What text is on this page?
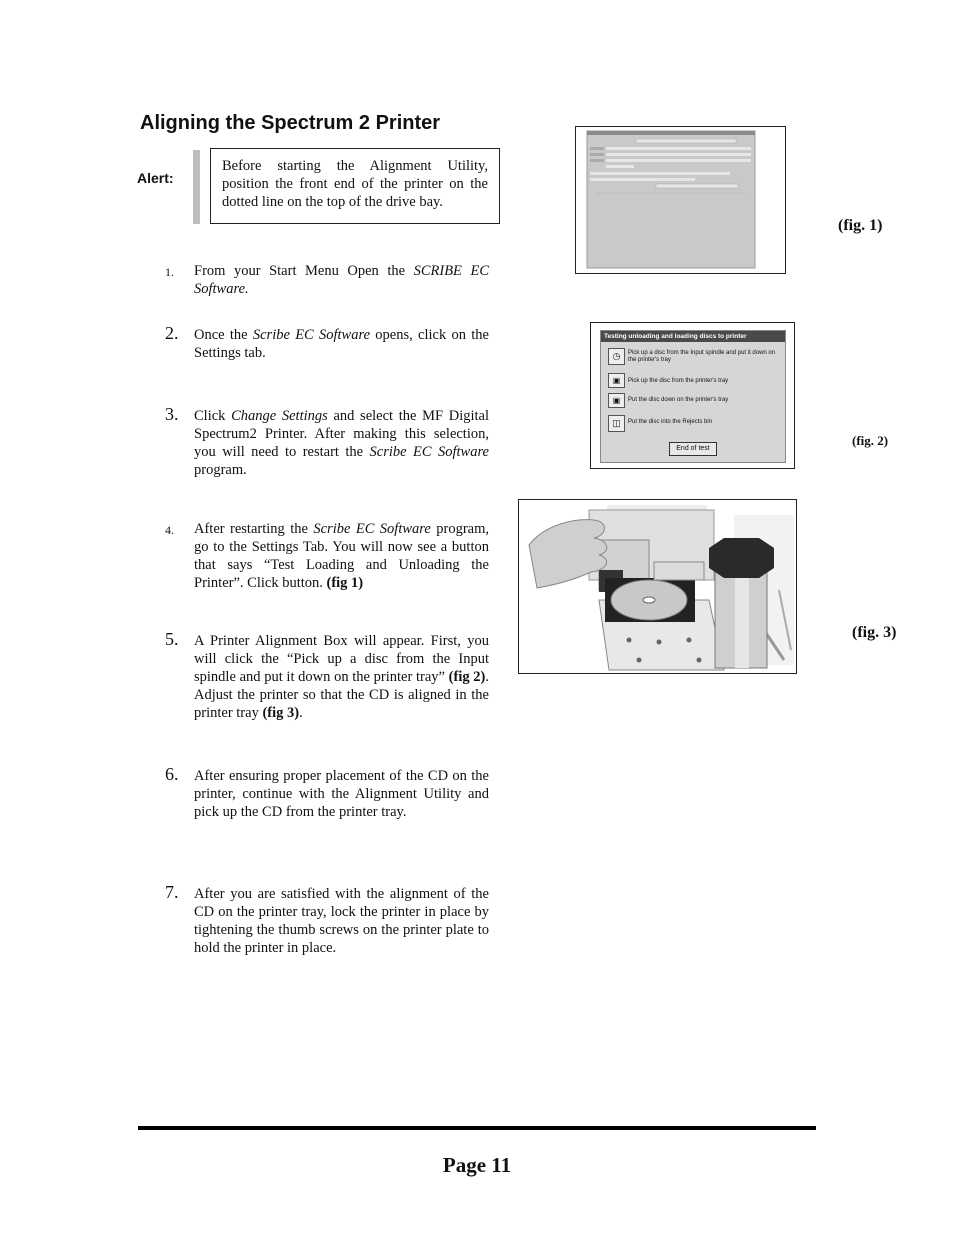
Aligning the Spectrum 2 Printer
Alert:
Before starting the Alignment Utility, position the front end of the printer on the dotted line on the top of the drive bay.
1.	From your Start Menu Open the SCRIBE EC Software.
2.	Once the Scribe EC Software opens, click on the Settings tab.
3.	Click Change Settings and select the MF Digital Spectrum2 Printer. After making this selection, you will need to restart the Scribe EC Software program.
4.	After restarting the Scribe EC Software program, go to the Settings Tab. You will now see a button that says “Test Loading and Unloading the Printer”. Click button. (fig 1)
5.	A Printer Alignment Box will appear. First, you will click the “Pick up a disc from the Input spindle and put it down on the printer tray” (fig 2). Adjust the printer so that the CD is aligned in the printer tray (fig 3).
6.	After ensuring proper placement of the CD on the printer, continue with the Alignment Utility and pick up the CD from the printer tray.
7.	After you are satisfied with the alignment of the CD on the printer tray, lock the printer in place by tightening the thumb screws on the printer plate to hold the printer in place.
(fig. 1)
Testing unloading and loading discs to printer
◷	Pick up a disc from the Input spindle and put it down on the printer's tray
▣	Pick up the disc from the printer's tray
▣	Put the disc down on the printer's tray
◫	Put the disc into the Rejects bin
End of test
(fig. 2)
(fig. 3)
Page 11
